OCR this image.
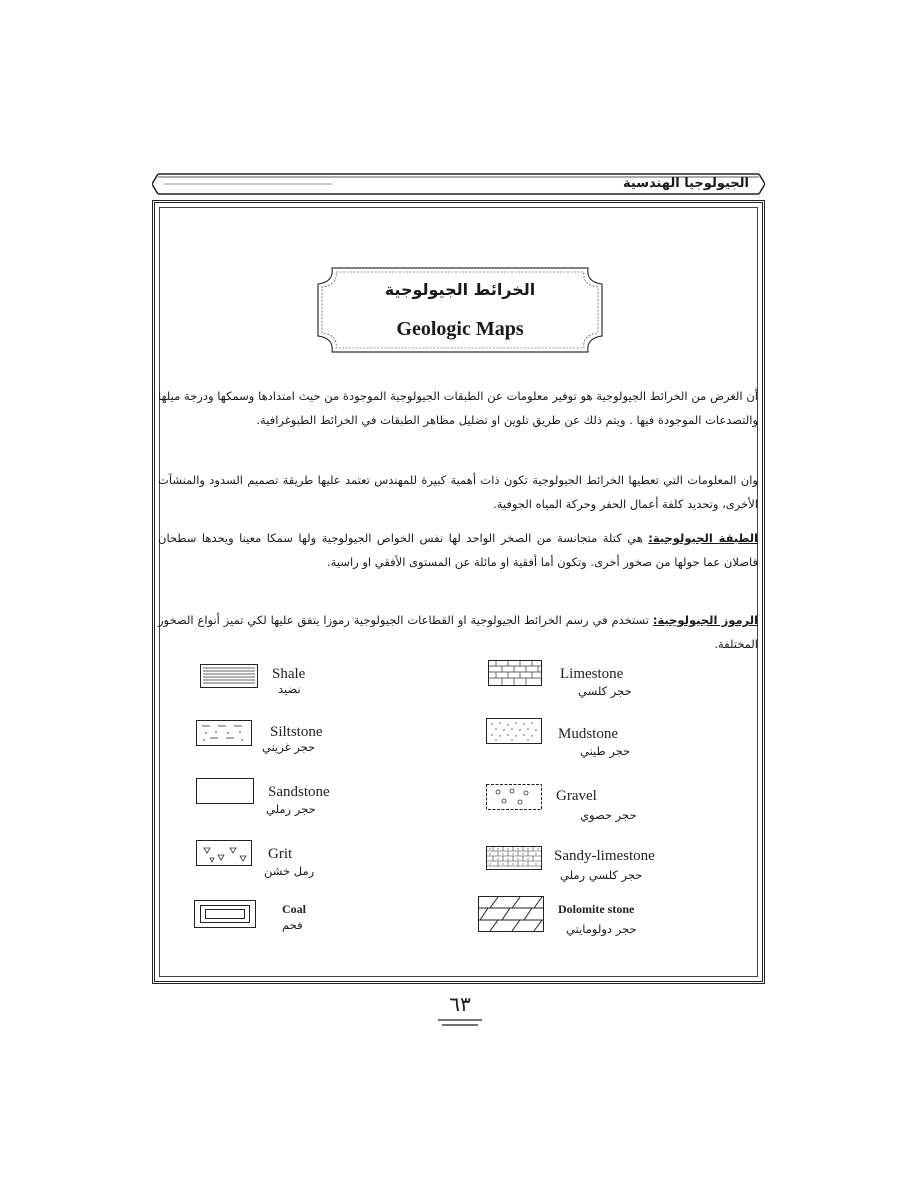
الجيولوجيا الهندسية
الخرائط الجيولوجية
Geologic Maps
أن الغرض من الخرائط الجيولوجية هو توفير معلومات عن الطبقات الجيولوجية الموجودة من حيث امتدادها وسمكها ودرجة ميلها والتصدعات الموجودة فيها . ويتم ذلك عن طريق تلوين او تضليل مظاهر الطبقات في الخرائط الطبوغرافية.
وان المعلومات التي تعطيها الخرائط الجيولوجية تكون ذات أهمية كبيرة للمهندس تعتمد عليها طريقة تصميم السدود والمنشآت الأخرى، وتحديد كلفة أعمال الحفر وحركة المياه الجوفية.
الطبقة الجيولوجية: هي كتلة متجانسة من الصخر الواحد لها نفس الخواص الجيولوجية ولها سمكا معينا ويحدها سطحان فاصلان عما حولها من صخور أخرى. وتكون أما أفقية او مائلة عن المستوى الأفقي او راسية.
الرموز الجيولوجية: تستخدم في رسم الخرائط الجيولوجية او القطاعات الجيولوجية رموزا يتفق عليها لكي تميز أنواع الصخور المختلفة.
Shale
نضيد
Siltstone
حجر غريني
Sandstone
حجر رملي
Grit
رمل خشن
Coal
فحم
Limestone
حجر كلسي
Mudstone
حجر طيني
Gravel
حجر حصوي
Sandy-limestone
حجر كلسي رملي
Dolomite stone
حجر دولومايتي
٦٣
